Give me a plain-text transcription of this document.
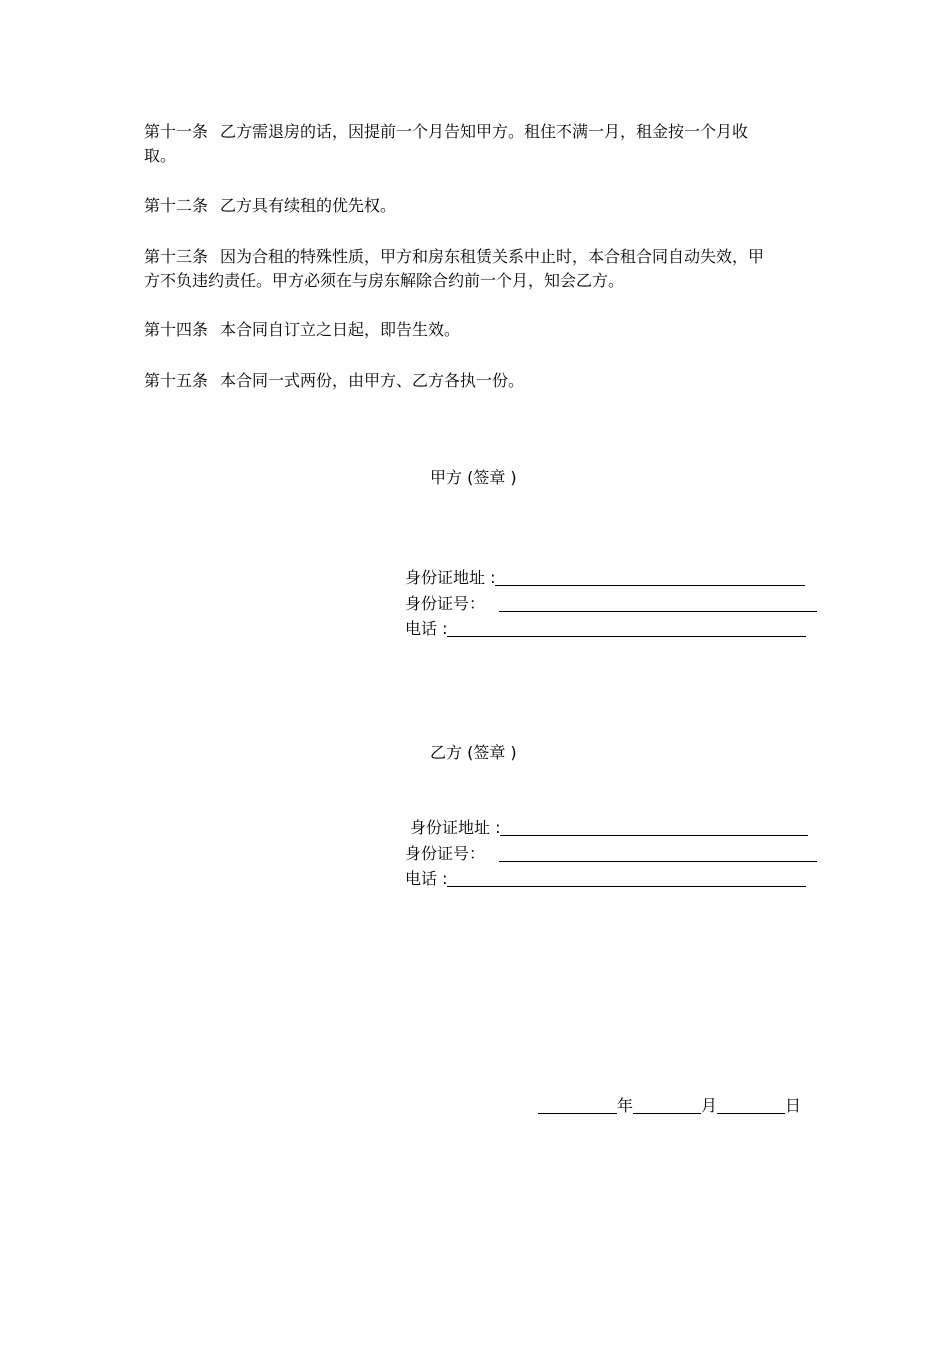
第十一条 乙方需退房的话，因提前一个月告知甲方。租住不满一月，租金按一个月收取。
第十二条 乙方具有续租的优先权。
第十三条 因为合租的特殊性质，甲方和房东租赁关系中止时，本合租合同自动失效，甲方不负违约责任。甲方必须在与房东解除合约前一个月，知会乙方。
第十四条 本合同自订立之日起，即告生效。
第十五条 本合同一式两份，由甲方、乙方各执一份。
甲方 (签章 )
身份证地址 :
身份证号：
电话 :
乙方 (签章 )
身份证地址 :
身份证号：
电话 :
年	月	日
